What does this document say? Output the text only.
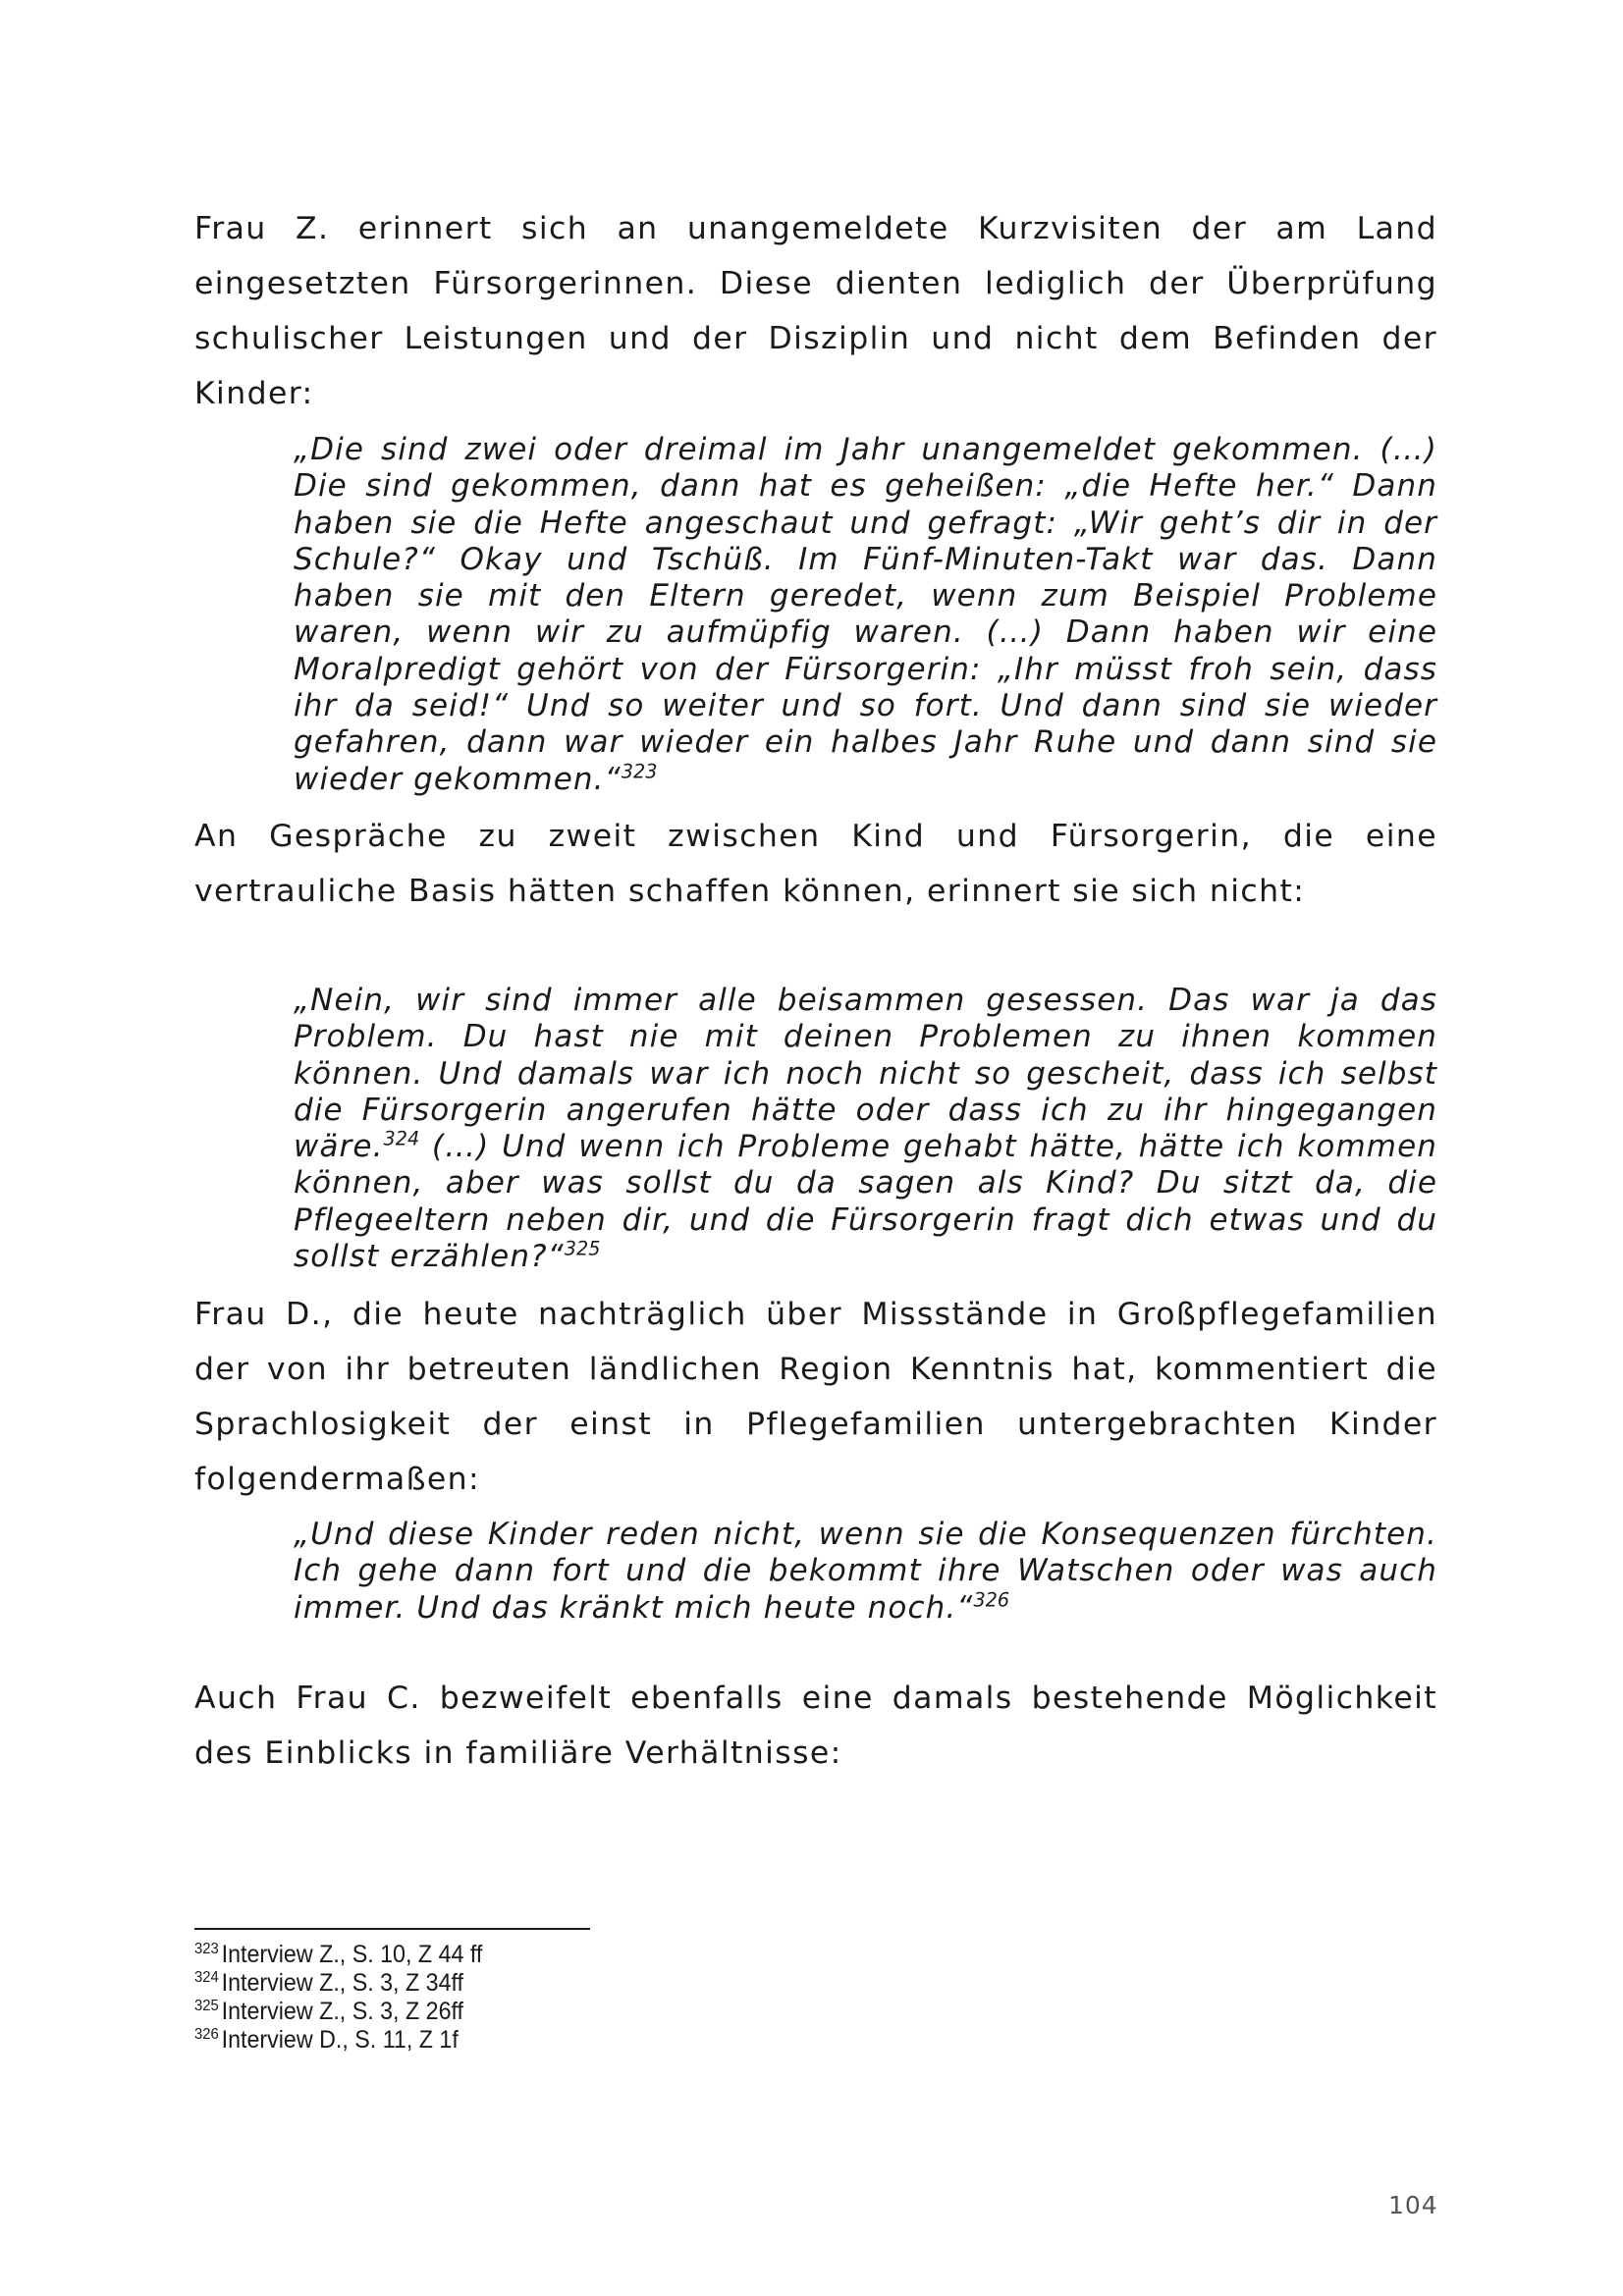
Frau Z. erinnert sich an unangemeldete Kurzvisiten der am Land eingesetzten Fürsorgerinnen. Diese dienten lediglich der Überprüfung schulischer Leistungen und der Disziplin und nicht dem Befinden der Kinder:

„Die sind zwei oder dreimal im Jahr unangemeldet gekommen. (…) Die sind gekommen, dann hat es geheißen: „die Hefte her.“ Dann haben sie die Hefte angeschaut und gefragt: „Wir geht’s dir in der Schule?“ Okay und Tschüß. Im Fünf-Minuten-Takt war das. Dann haben sie mit den Eltern geredet, wenn zum Beispiel Probleme waren, wenn wir zu aufmüpfig waren. (…) Dann haben wir eine Moralpredigt gehört von der Fürsorgerin: „Ihr müsst froh sein, dass ihr da seid!“ Und so weiter und so fort. Und dann sind sie wieder gefahren, dann war wieder ein halbes Jahr Ruhe und dann sind sie wieder gekommen.“$^{323}$

An Gespräche zu zweit zwischen Kind und Fürsorgerin, die eine vertrauliche Basis hätten schaffen können, erinnert sie sich nicht:

„Nein, wir sind immer alle beisammen gesessen. Das war ja das Problem. Du hast nie mit deinen Problemen zu ihnen kommen können. Und damals war ich noch nicht so gescheit, dass ich selbst die Fürsorgerin angerufen hätte oder dass ich zu ihr hingegangen wäre.$^{324}$ (…) Und wenn ich Probleme gehabt hätte, hätte ich kommen können, aber was sollst du da sagen als Kind? Du sitzt da, die Pflegeeltern neben dir, und die Fürsorgerin fragt dich etwas und du sollst erzählen?“$^{325}$

Frau D., die heute nachträglich über Missstände in Großpflegefamilien der von ihr betreuten ländlichen Region Kenntnis hat, kommentiert die Sprachlosigkeit der einst in Pflegefamilien untergebrachten Kinder folgendermaßen:

„Und diese Kinder reden nicht, wenn sie die Konsequenzen fürchten. Ich gehe dann fort und die bekommt ihre Watschen oder was auch immer. Und das kränkt mich heute noch.“$^{326}$

Auch Frau C. bezweifelt ebenfalls eine damals bestehende Möglichkeit des Einblicks in familiäre Verhältnisse:

$^{323}$ Interview Z., S. 10, Z 44 ff
$^{324}$ Interview Z., S. 3, Z 34ff
$^{325}$ Interview Z., S. 3, Z 26ff
$^{326}$ Interview D., S. 11, Z 1f
104
